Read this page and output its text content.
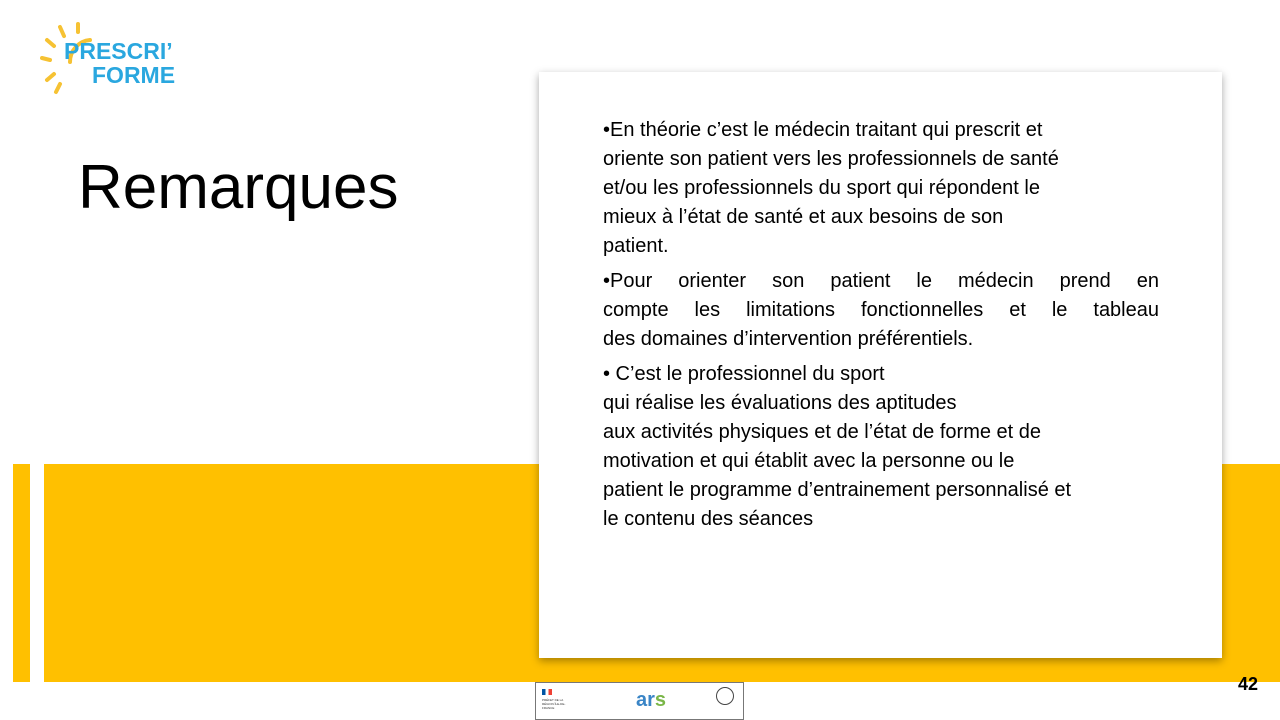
PRESCRI’
FORME
Remarques

•En théorie c’est le médecin traitant qui prescrit et
oriente son patient vers les professionnels de santé
et/ou les professionnels du sport qui répondent le
mieux à l’état de santé et aux besoins de son
patient.

•Pour orienter son patient le médecin prend en
compte les limitations fonctionnelles et le tableau
des domaines d’intervention préférentiels.

• C’est le professionnel du sport
qui réalise les évaluations des aptitudes
aux activités physiques et de l’état de forme et de
motivation et qui établit avec la personne ou le
patient le programme d’entrainement personnalisé et
le contenu des séances

PRÉFET DE LA RÉGION ÎLE-DE-FRANCE	ars
42
